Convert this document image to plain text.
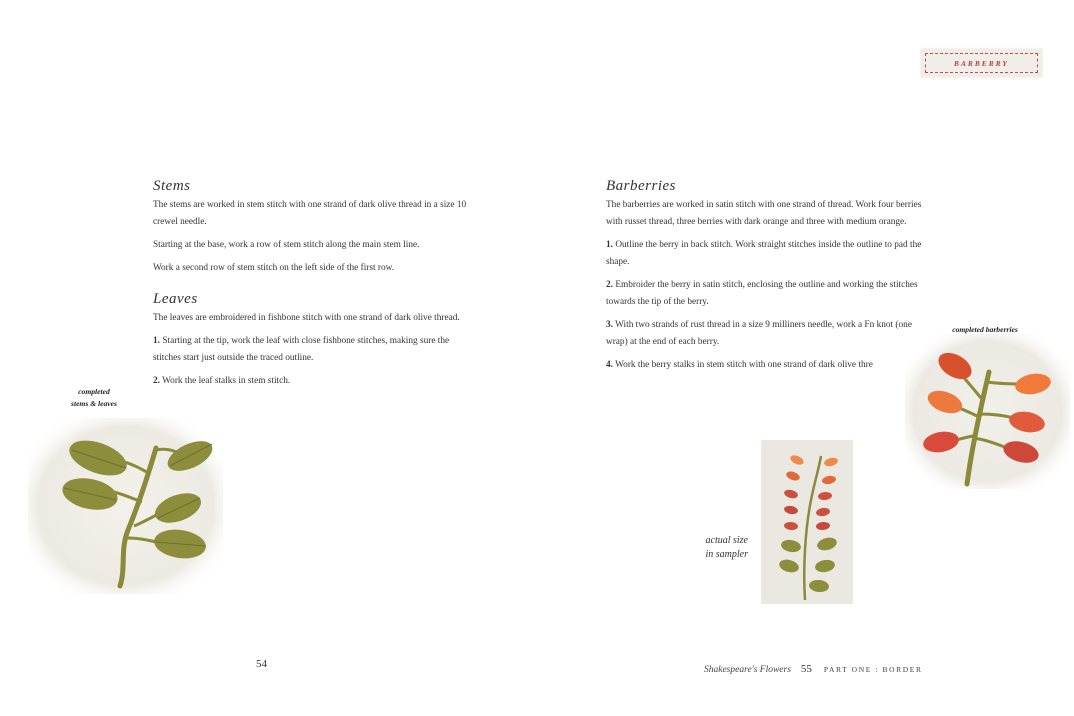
BARBERRY
Stems

The stems are worked in stem stitch with one strand of dark olive thread in a size 10 crewel needle.

Starting at the base, work a row of stem stitch along the main stem line.

Work a second row of stem stitch on the left side of the first row.

Leaves

The leaves are embroidered in fishbone stitch with one strand of dark olive thread.

1. Starting at the tip, work the leaf with close fishbone stitches, making sure the stitches start just outside the traced outline.

2. Work the leaf stalks in stem stitch.

completed
stems & leaves
54
Barberries

The barberries are worked in satin stitch with one strand of thread. Work four berries with russet thread, three berries with dark orange and three with medium orange.

1. Outline the berry in back stitch. Work straight stitches inside the outline to pad the shape.

2. Embroider the berry in satin stitch, enclosing the outline and working the stitches towards the tip of the berry.

3. With two strands of rust thread in a size 9 milliners needle, work a Fn knot (one wrap) at the end of each berry.

4. Work the berry stalks in stem stitch with one strand of dark olive thre

completed barberries
actual size
in sampler
Shakespeare's Flowers 55 PART ONE : BORDER
